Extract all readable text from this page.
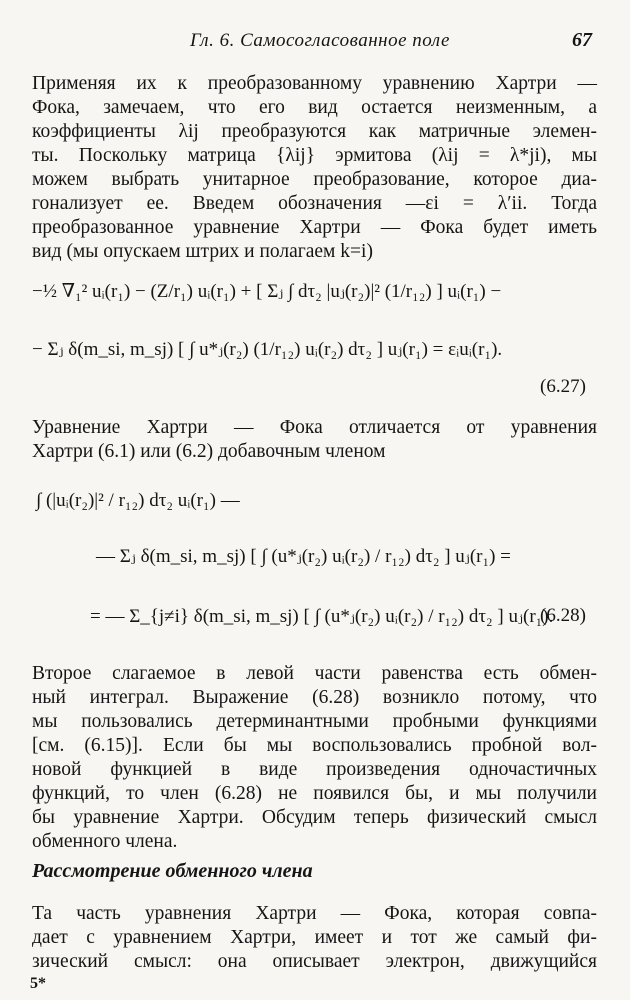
Гл. 6. Самосогласованное поле	67
Применяя их к преобразованному уравнению Хартри —
Фока, замечаем, что его вид остается неизменным, а
коэффициенты λij преобразуются как матричные элемен-
ты. Поскольку матрица {λij} эрмитова (λij = λ*ji), мы
можем выбрать унитарное преобразование, которое диа-
гонализует ее. Введем обозначения —εi = λ′ii. Тогда
преобразованное уравнение Хартри — Фока будет иметь
вид (мы опускаем штрих и полагаем k=i)
−½ ∇₁² uᵢ(r₁) − (Z/r₁) uᵢ(r₁) + [ Σⱼ ∫ dτ₂ |uⱼ(r₂)|² (1/r₁₂) ] uᵢ(r₁) −
− Σⱼ δ(m_si, m_sj) [ ∫ u*ⱼ(r₂) (1/r₁₂) uᵢ(r₂) dτ₂ ] uⱼ(r₁) = εᵢuᵢ(r₁).
(6.27)
Уравнение Хартри — Фока отличается от уравнения
Хартри (6.1) или (6.2) добавочным членом
∫ (|uᵢ(r₂)|² / r₁₂) dτ₂ uᵢ(r₁) —
— Σⱼ δ(m_si, m_sj) [ ∫ (u*ⱼ(r₂) uᵢ(r₂) / r₁₂) dτ₂ ] uⱼ(r₁) =
= — Σ_{j≠i} δ(m_si, m_sj) [ ∫ (u*ⱼ(r₂) uᵢ(r₂) / r₁₂) dτ₂ ] uⱼ(r₁).
(6.28)
Второе слагаемое в левой части равенства есть обмен-
ный интеграл. Выражение (6.28) возникло потому, что
мы пользовались детерминантными пробными функциями
[см. (6.15)]. Если бы мы воспользовались пробной вол-
новой функцией в виде произведения одночастичных
функций, то член (6.28) не появился бы, и мы получили
бы уравнение Хартри. Обсудим теперь физический смысл
обменного члена.
Рассмотрение обменного члена
Та часть уравнения Хартри — Фока, которая совпа-
дает с уравнением Хартри, имеет и тот же самый фи-
зический смысл: она описывает электрон, движущийся
5*
